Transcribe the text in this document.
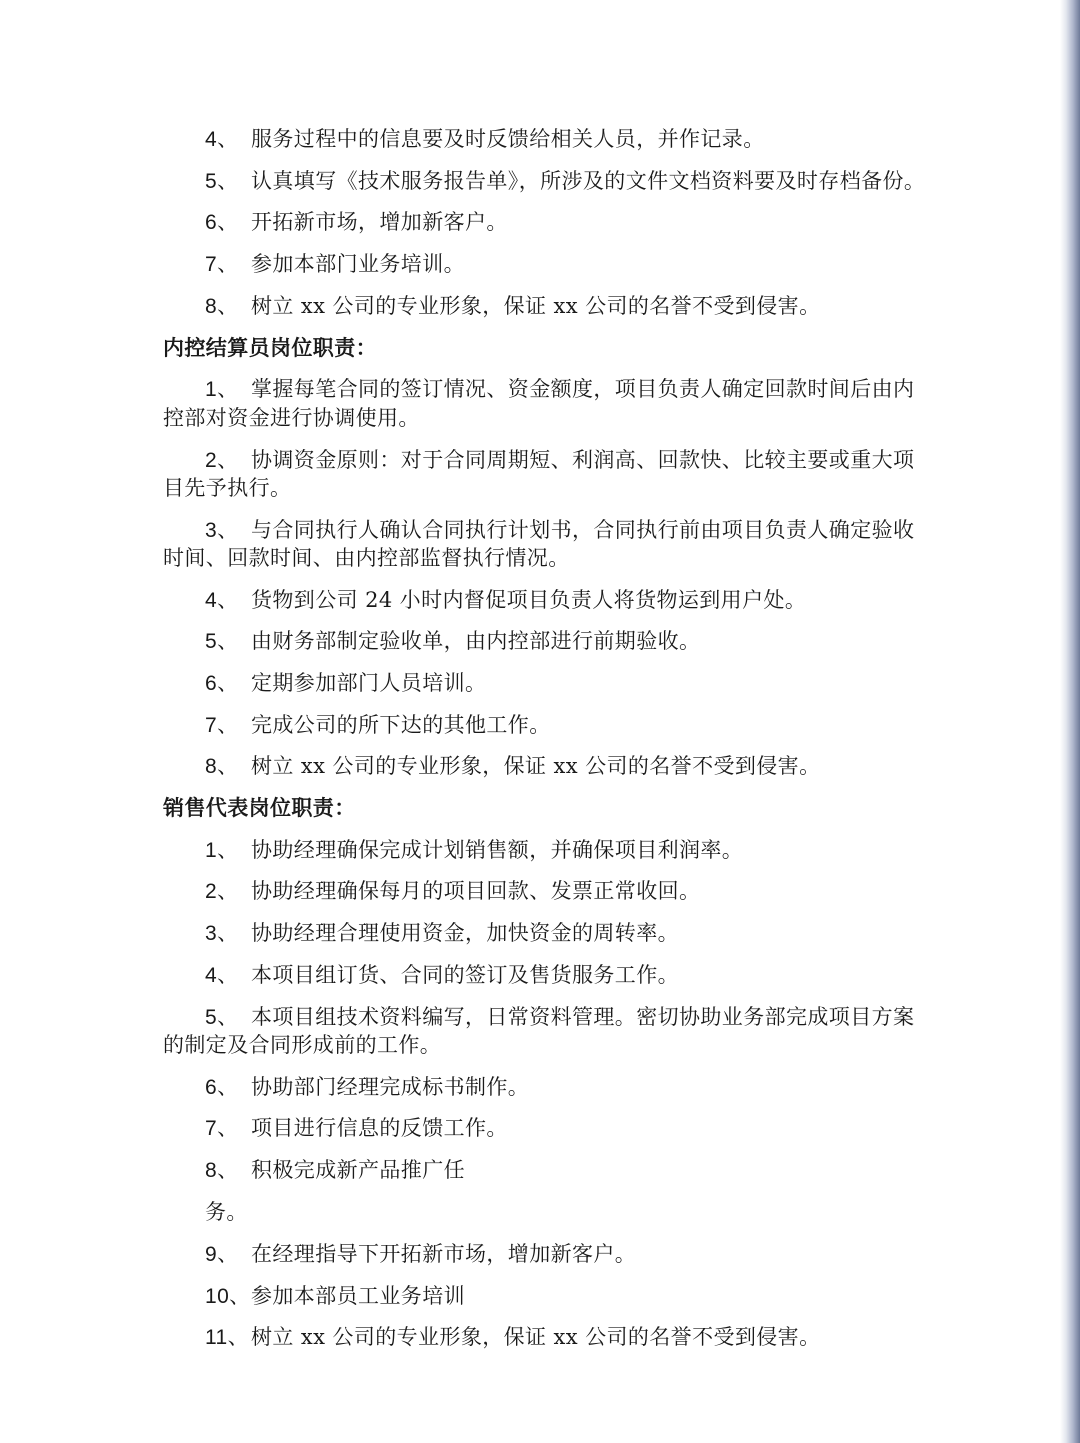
4、 服务过程中的信息要及时反馈给相关人员，并作记录。
5、 认真填写《技术服务报告单》，所涉及的文件文档资料要及时存档备份。
6、 开拓新市场，增加新客户。
7、 参加本部门业务培训。
8、 树立 xx 公司的专业形象，保证 xx 公司的名誉不受到侵害。
内控结算员岗位职责：
1、 掌握每笔合同的签订情况、资金额度，项目负责人确定回款时间后由内
控部对资金进行协调使用。
2、 协调资金原则：对于合同周期短、利润高、回款快、比较主要或重大项
目先予执行。
3、 与合同执行人确认合同执行计划书，合同执行前由项目负责人确定验收
时间、回款时间、由内控部监督执行情况。
4、 货物到公司 24 小时内督促项目负责人将货物运到用户处。
5、 由财务部制定验收单，由内控部进行前期验收。
6、 定期参加部门人员培训。
7、 完成公司的所下达的其他工作。
8、 树立 xx 公司的专业形象，保证 xx 公司的名誉不受到侵害。
销售代表岗位职责：
1、 协助经理确保完成计划销售额，并确保项目利润率。
2、 协助经理确保每月的项目回款、发票正常收回。
3、 协助经理合理使用资金，加快资金的周转率。
4、 本项目组订货、合同的签订及售货服务工作。
5、 本项目组技术资料编写，日常资料管理。密切协助业务部完成项目方案
的制定及合同形成前的工作。
6、 协助部门经理完成标书制作。
7、 项目进行信息的反馈工作。
8、 积极完成新产品推广任
务。
9、 在经理指导下开拓新市场，增加新客户。
10、参加本部员工业务培训
11、树立 xx 公司的专业形象，保证 xx 公司的名誉不受到侵害。
